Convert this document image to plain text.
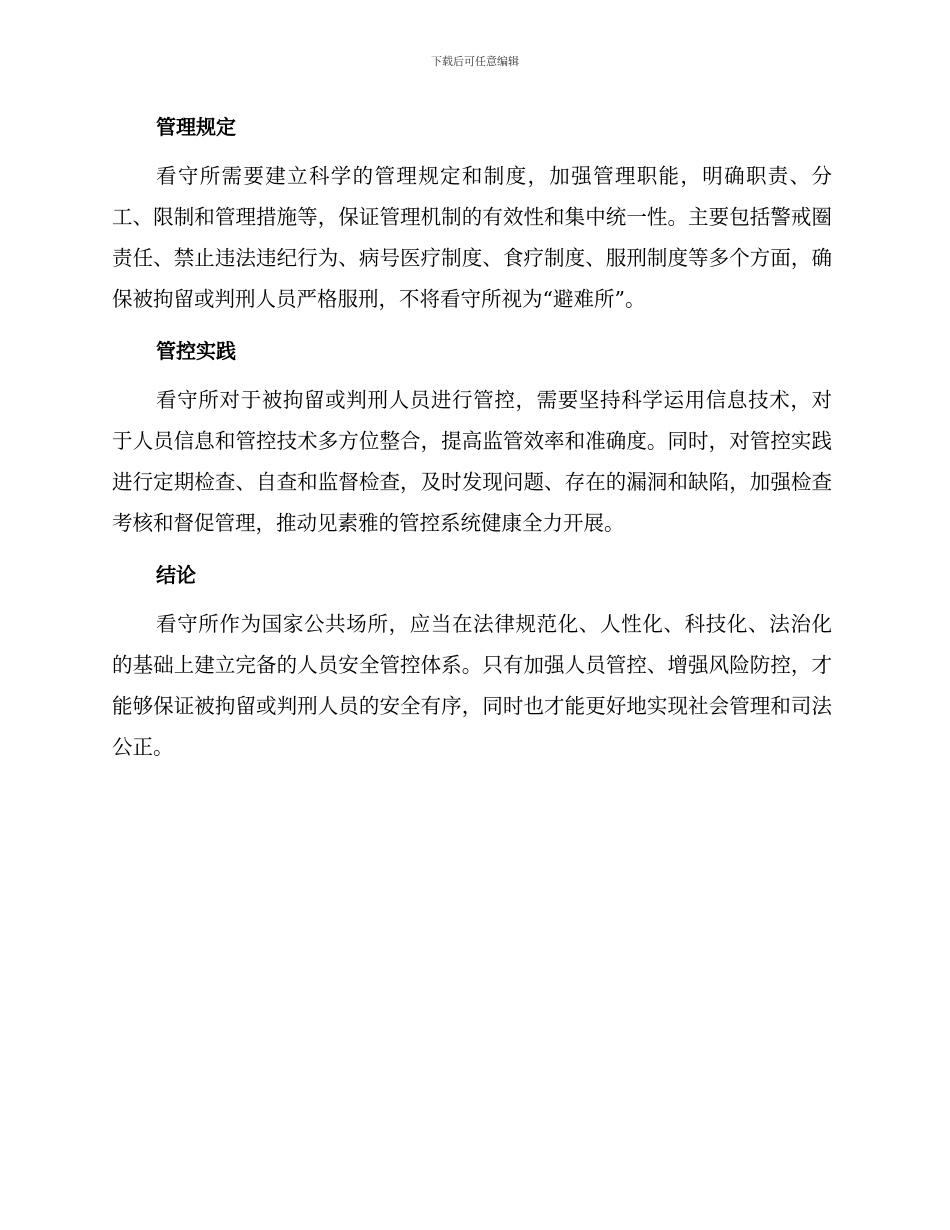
下载后可任意编辑
管理规定

看守所需要建立科学的管理规定和制度，加强管理职能，明确职责、分工、限制和管理措施等，保证管理机制的有效性和集中统一性。主要包括警戒圈责任、禁止违法违纪行为、病号医疗制度、食疗制度、服刑制度等多个方面，确保被拘留或判刑人员严格服刑，不将看守所视为“避难所”。

管控实践

看守所对于被拘留或判刑人员进行管控，需要坚持科学运用信息技术，对于人员信息和管控技术多方位整合，提高监管效率和准确度。同时，对管控实践进行定期检查、自查和监督检查，及时发现问题、存在的漏洞和缺陷，加强检查考核和督促管理，推动见素雅的管控系统健康全力开展。

结论

看守所作为国家公共场所，应当在法律规范化、人性化、科技化、法治化的基础上建立完备的人员安全管控体系。只有加强人员管控、增强风险防控，才能够保证被拘留或判刑人员的安全有序，同时也才能更好地实现社会管理和司法公正。
